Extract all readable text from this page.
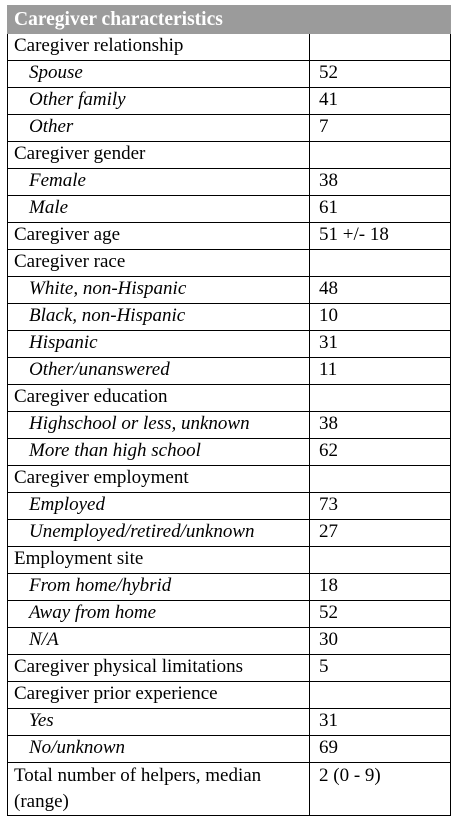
Caregiver characteristics	
Caregiver relationship	
Spouse	52
Other family	41
Other	7
Caregiver gender	
Female	38
Male	61
Caregiver age	51 +/- 18
Caregiver race	
White, non-Hispanic	48
Black, non-Hispanic	10
Hispanic	31
Other/unanswered	11
Caregiver education	
Highschool or less, unknown	38
More than high school	62
Caregiver employment	
Employed	73
Unemployed/retired/unknown	27
Employment site	
From home/hybrid	18
Away from home	52
N/A	30
Caregiver physical limitations	5
Caregiver prior experience	
Yes	31
No/unknown	69
Total number of helpers, median (range)	2 (0 - 9)
